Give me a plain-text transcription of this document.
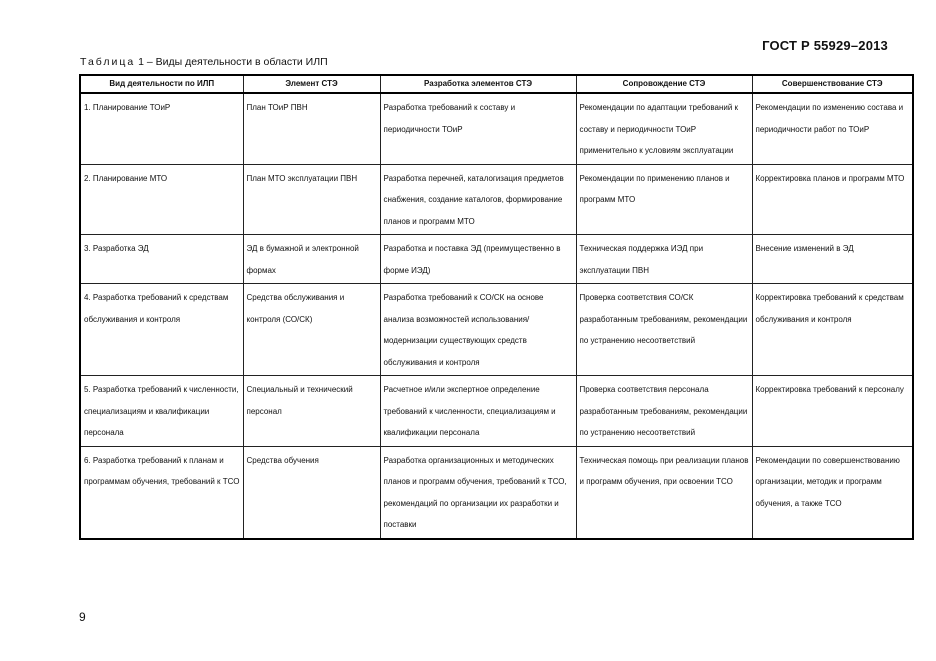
ГОСТ Р 55929–2013
Таблица 1 – Виды деятельности в области ИЛП
Вид деятельности по ИЛП	Элемент СТЭ	Разработка элементов СТЭ	Сопровождение СТЭ	Совершенствование СТЭ
1. Планирование ТОиР	План ТОиР ПВН	Разработка требований к составу и периодичности ТОиР	Рекомендации по адаптации требований к составу и периодичности ТОиР применительно к условиям эксплуатации	Рекомендации по изменению состава и периодичности работ по ТОиР
2. Планирование МТО	План МТО эксплуатации ПВН	Разработка перечней, каталогизация предметов снабжения, создание каталогов, формирование планов и программ МТО	Рекомендации по применению планов и программ МТО	Корректировка планов и программ МТО
3. Разработка ЭД	ЭД в бумажной и электронной формах	Разработка и поставка ЭД (преимущественно в форме ИЭД)	Техническая поддержка ИЭД при эксплуатации ПВН	Внесение изменений в ЭД
4. Разработка требований к средствам обслуживания и контроля	Средства обслуживания и контроля (СО/СК)	Разработка требований к СО/СК на основе анализа возможностей использования/ модернизации существующих средств обслуживания и контроля	Проверка соответствия СО/СК разработанным требованиям, рекомендации по устранению несоответствий	Корректировка требований к средствам обслуживания и контроля
5. Разработка требований к численности, специализациям и квалификации персонала	Специальный и технический персонал	Расчетное и/или экспертное определение требований к численности, специализациям и квалификации персонала	Проверка соответствия персонала разработанным требованиям, рекомендации по устранению несоответствий	Корректировка требований к персоналу
6. Разработка требований к планам и программам обучения, требований к ТСО	Средства обучения	Разработка организационных и методических планов и программ обучения, требований к ТСО, рекомендаций по организации их разработки и поставки	Техническая помощь при реализации планов и программ обучения, при освоении ТСО	Рекомендации по совершенствованию организации, методик и программ обучения, а также ТСО
9
